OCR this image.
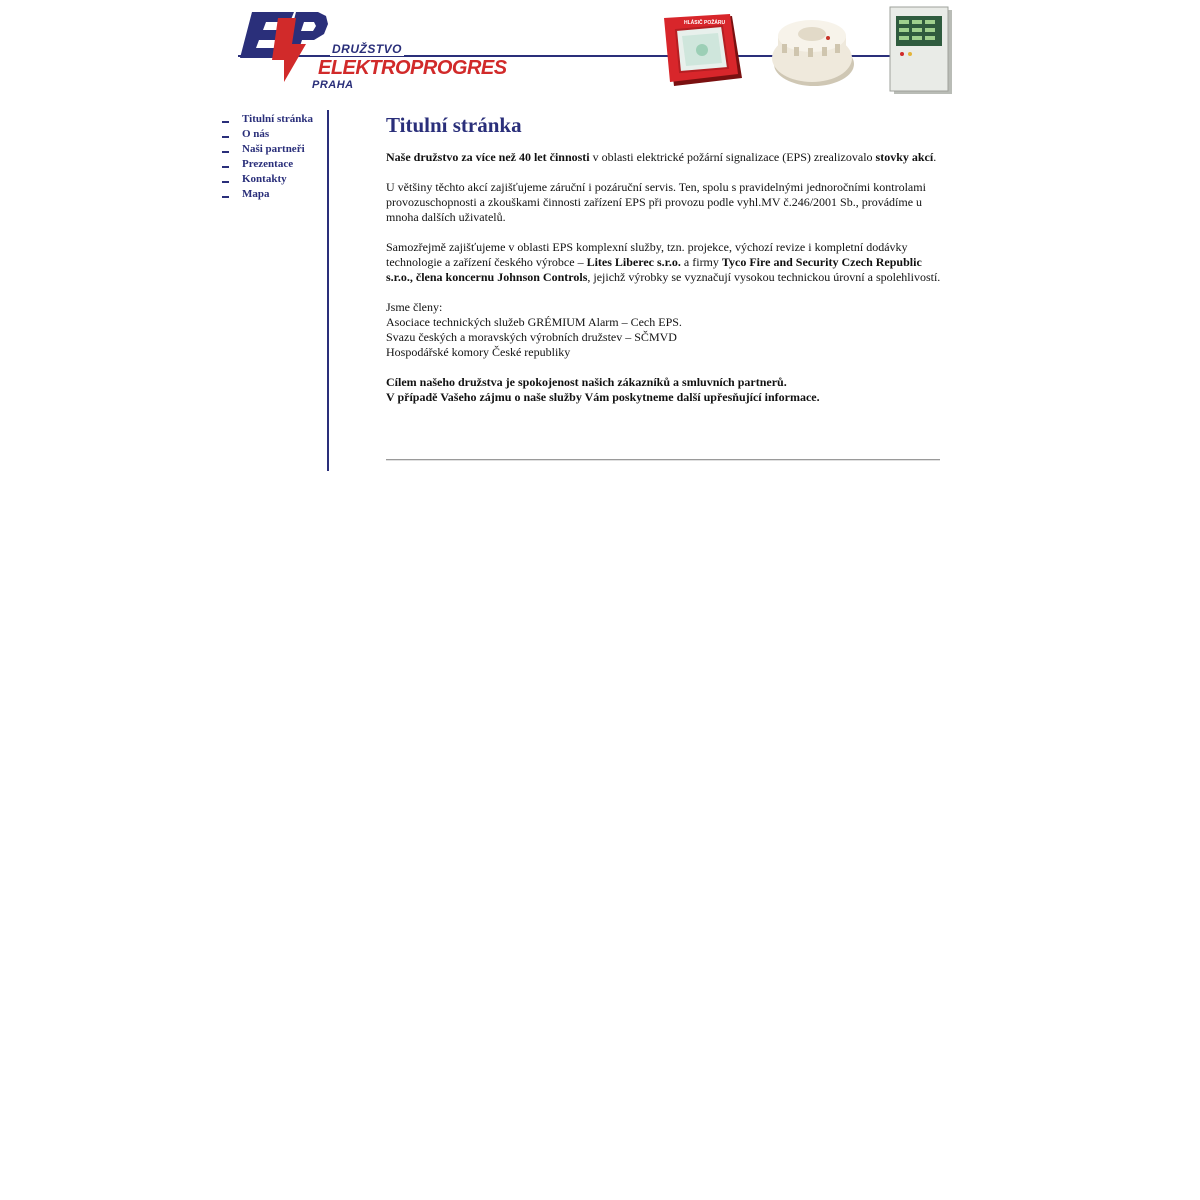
DRUŽSTVO
ELEKTROPROGRES
PRAHA
HLÁSIČ POŽÁRU
Titulní stránka
O nás
Naši partneři
Prezentace
Kontakty
Mapa
Titulní stránka

Naše družstvo za více než 40 let činnosti v oblasti elektrické požární signalizace (EPS) zrealizovalo stovky akcí.

U většiny těchto akcí zajišťujeme záruční i pozáruční servis. Ten, spolu s pravidelnými jednoročními kontrolami provozuschopnosti a zkouškami činnosti zařízení EPS při provozu podle vyhl.MV č.246/2001 Sb., provádíme u mnoha dalších uživatelů.

Samozřejmě zajišťujeme v oblasti EPS komplexní služby, tzn. projekce, výchozí revize i kompletní dodávky technologie a zařízení českého výrobce – Lites Liberec s.r.o. a firmy Tyco Fire and Security Czech Republic s.r.o., člena koncernu Johnson Controls, jejichž výrobky se vyznačují vysokou technickou úrovní a spolehlivostí.

Jsme členy:
Asociace technických služeb GRÉMIUM Alarm – Cech EPS.
Svazu českých a moravských výrobních družstev – SČMVD
Hospodářské komory České republiky

Cílem našeho družstva je spokojenost našich zákazníků a smluvních partnerů.
V případě Vašeho zájmu o naše služby Vám poskytneme další upřesňující informace.
